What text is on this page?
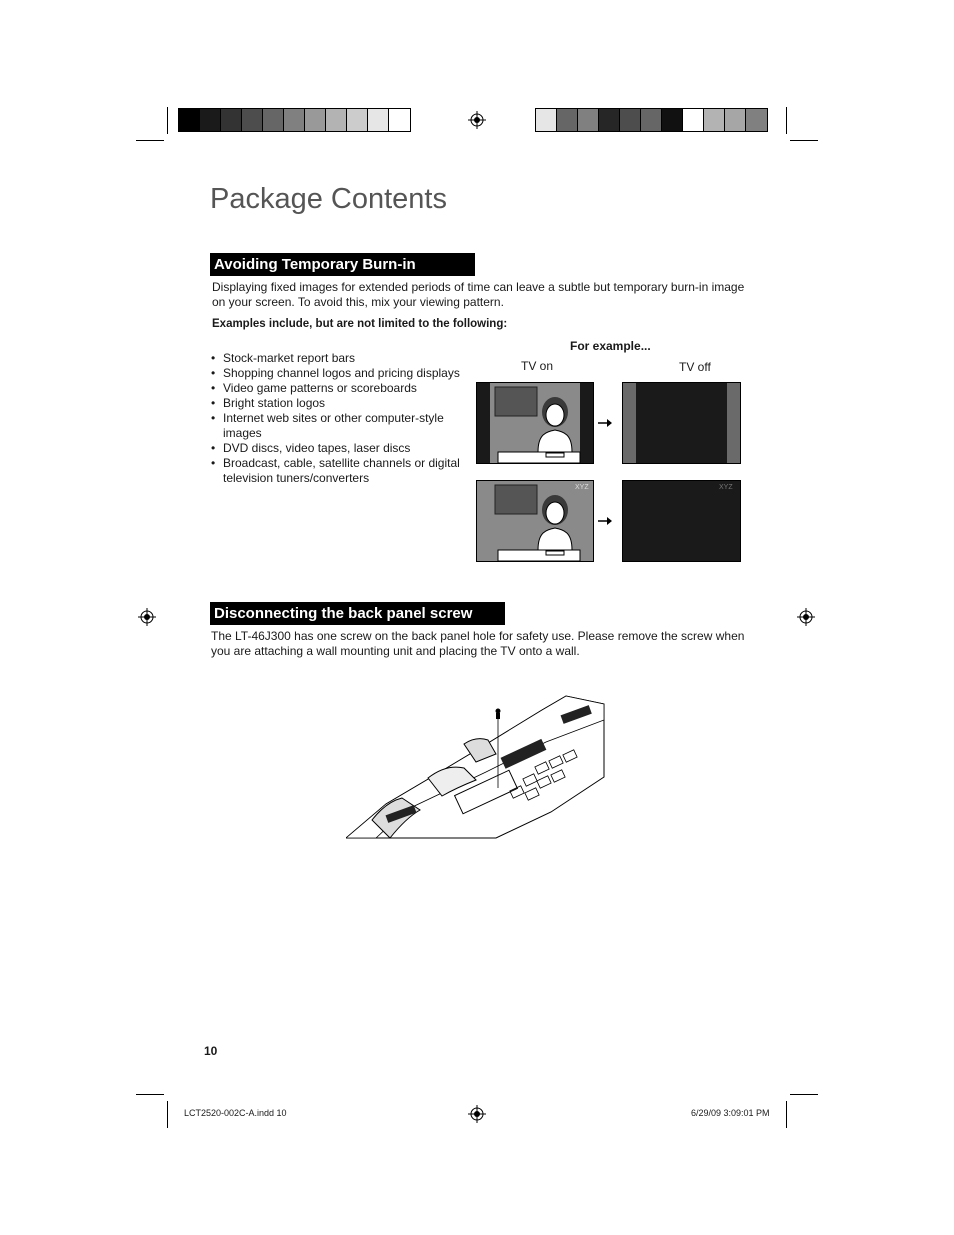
Package Contents
Avoiding Temporary Burn-in

Displaying fixed images for extended periods of time can leave a subtle but temporary burn-in image on your screen. To avoid this, mix your viewing pattern.

Examples include, but are not limited to the following:

• Stock-market report bars
• Shopping channel logos and pricing displays
• Video game patterns or scoreboards
• Bright station logos
• Internet web sites or other computer-style images
• DVD discs, video tapes, laser discs
• Broadcast, cable, satellite channels or digital television tuners/converters
For example...
TV on	TV off
XYZ	XYZ
Disconnecting the back panel screw

The LT-46J300 has one screw on the back panel hole for safety use. Please remove the screw when you are attaching a wall mounting unit and placing the TV onto a wall.

10
LCT2520-002C-A.indd 10	6/29/09 3:09:01 PM
